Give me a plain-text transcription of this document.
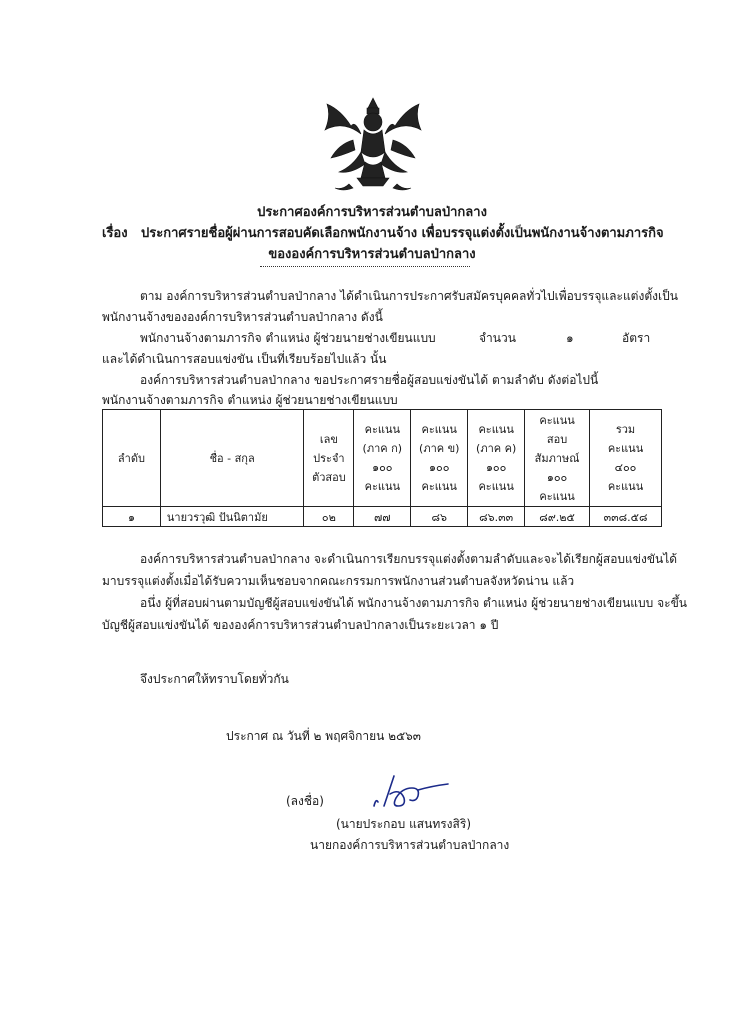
ประกาศองค์การบริหารส่วนตำบลป่ากลาง
เรื่อง ประกาศรายชื่อผู้ผ่านการสอบคัดเลือกพนักงานจ้าง เพื่อบรรจุแต่งตั้งเป็นพนักงานจ้างตามภารกิจ
ขององค์การบริหารส่วนตำบลป่ากลาง
ตาม องค์การบริหารส่วนตำบลป่ากลาง ได้ดำเนินการประกาศรับสมัครบุคคลทั่วไปเพื่อบรรจุและแต่งตั้งเป็น
พนักงานจ้างขององค์การบริหารส่วนตำบลป่ากลาง ดังนี้
พนักงานจ้างตามภารกิจ ตำแหน่ง ผู้ช่วยนายช่างเขียนแบบ	จำนวน	๑	อัตรา
และได้ดำเนินการสอบแข่งขัน เป็นที่เรียบร้อยไปแล้ว นั้น
องค์การบริหารส่วนตำบลป่ากลาง ขอประกาศรายชื่อผู้สอบแข่งขันได้ ตามลำดับ ดังต่อไปนี้
พนักงานจ้างตามภารกิจ ตำแหน่ง ผู้ช่วยนายช่างเขียนแบบ
ลำดับ	ชื่อ - สกุล	เลข
ประจำ
ตัวสอบ	คะแนน
(ภาค ก)
๑๐๐
คะแนน	คะแนน
(ภาค ข)
๑๐๐
คะแนน	คะแนน
(ภาค ค)
๑๐๐
คะแนน	คะแนน
สอบ
สัมภาษณ์
๑๐๐
คะแนน	รวม
คะแนน
๔๐๐
คะแนน

๑	นายวรวุฒิ ปันนิตามัย	๐๒	๗๗	๘๖	๘๖.๓๓	๘๙.๒๕	๓๓๘.๕๘
องค์การบริหารส่วนตำบลป่ากลาง จะดำเนินการเรียกบรรจุแต่งตั้งตามลำดับและจะได้เรียกผู้สอบแข่งขันได้
มาบรรจุแต่งตั้งเมื่อได้รับความเห็นชอบจากคณะกรรมการพนักงานส่วนตำบลจังหวัดน่าน แล้ว
อนึ่ง ผู้ที่สอบผ่านตามบัญชีผู้สอบแข่งขันได้ พนักงานจ้างตามภารกิจ ตำแหน่ง ผู้ช่วยนายช่างเขียนแบบ จะขึ้น
บัญชีผู้สอบแข่งขันได้ ขององค์การบริหารส่วนตำบลป่ากลางเป็นระยะเวลา ๑ ปี
จึงประกาศให้ทราบโดยทั่วกัน
ประกาศ ณ วันที่ ๒ พฤศจิกายน ๒๕๖๓
(ลงชื่อ)
(นายประกอบ แสนทรงสิริ)
นายกองค์การบริหารส่วนตำบลป่ากลาง
